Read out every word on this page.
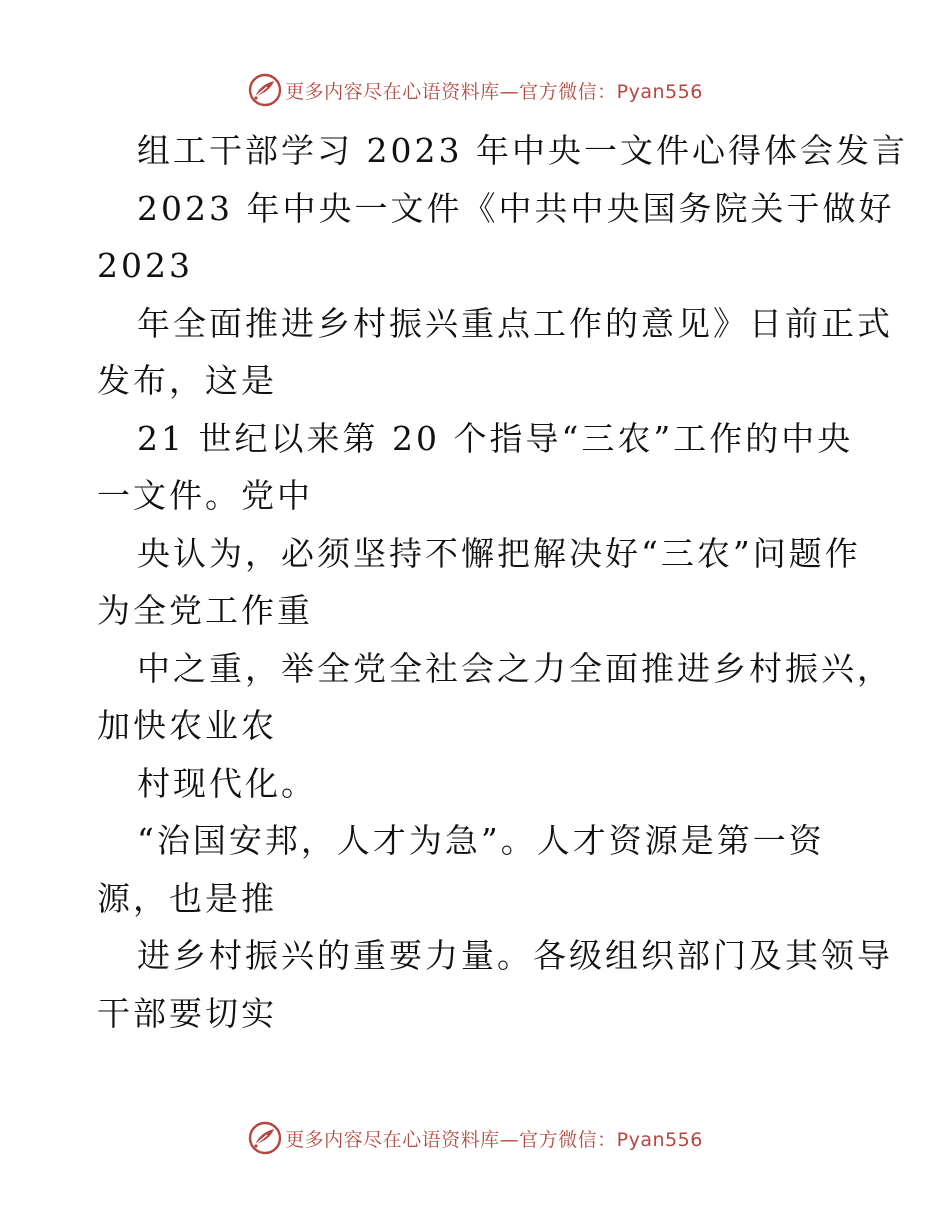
更多内容尽在心语资料库—官方微信：Pyan556

组工干部学习 2023 年中央一文件心得体会发言

2023 年中央一文件《中共中央国务院关于做好

2023

年全面推进乡村振兴重点工作的意见》日前正式

发布，这是

21 世纪以来第 20 个指导“三农”工作的中央

一文件。党中

央认为，必须坚持不懈把解决好“三农”问题作

为全党工作重

中之重，举全党全社会之力全面推进乡村振兴，

加快农业农

村现代化。

“治国安邦，人才为急”。人才资源是第一资

源，也是推

进乡村振兴的重要力量。各级组织部门及其领导

干部要切实

更多内容尽在心语资料库—官方微信：Pyan556
